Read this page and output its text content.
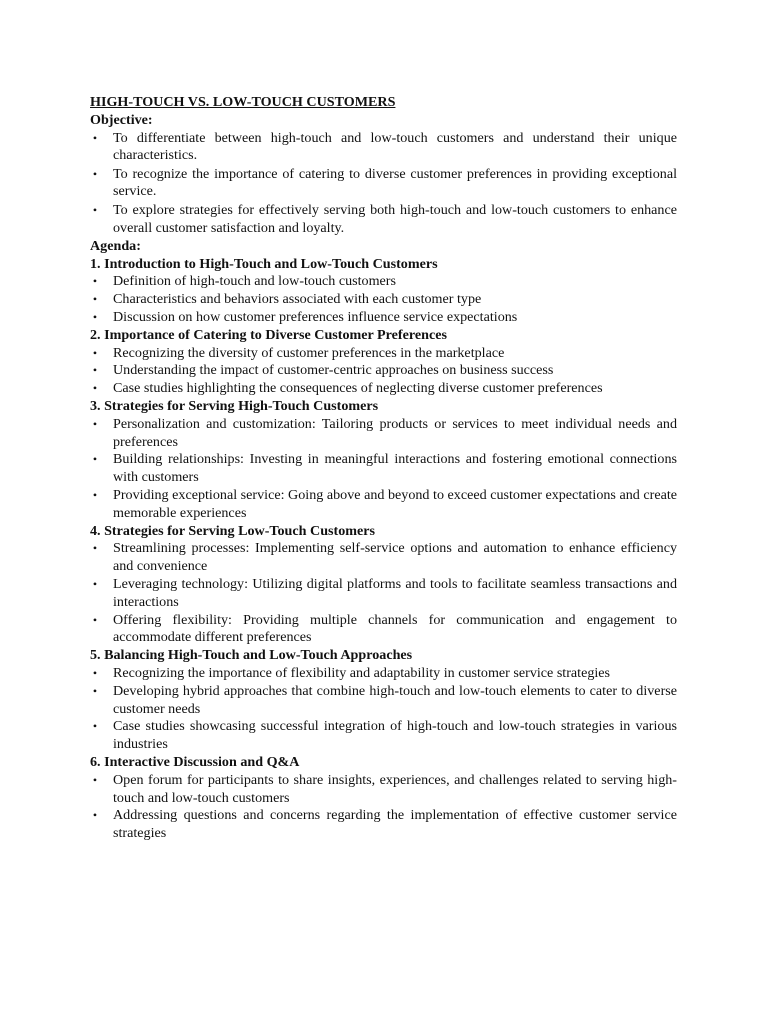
HIGH-TOUCH VS. LOW-TOUCH CUSTOMERS

Objective:

• To differentiate between high-touch and low-touch customers and understand their unique characteristics.
• To recognize the importance of catering to diverse customer preferences in providing exceptional service.
• To explore strategies for effectively serving both high-touch and low-touch customers to enhance overall customer satisfaction and loyalty.

Agenda:

1. Introduction to High-Touch and Low-Touch Customers

• Definition of high-touch and low-touch customers
• Characteristics and behaviors associated with each customer type
• Discussion on how customer preferences influence service expectations

2. Importance of Catering to Diverse Customer Preferences

• Recognizing the diversity of customer preferences in the marketplace
• Understanding the impact of customer-centric approaches on business success
• Case studies highlighting the consequences of neglecting diverse customer preferences

3. Strategies for Serving High-Touch Customers

• Personalization and customization: Tailoring products or services to meet individual needs and preferences
• Building relationships: Investing in meaningful interactions and fostering emotional connections with customers
• Providing exceptional service: Going above and beyond to exceed customer expectations and create memorable experiences

4. Strategies for Serving Low-Touch Customers

• Streamlining processes: Implementing self-service options and automation to enhance efficiency and convenience
• Leveraging technology: Utilizing digital platforms and tools to facilitate seamless transactions and interactions
• Offering flexibility: Providing multiple channels for communication and engagement to accommodate different preferences

5. Balancing High-Touch and Low-Touch Approaches

• Recognizing the importance of flexibility and adaptability in customer service strategies
• Developing hybrid approaches that combine high-touch and low-touch elements to cater to diverse customer needs
• Case studies showcasing successful integration of high-touch and low-touch strategies in various industries

6. Interactive Discussion and Q&A

• Open forum for participants to share insights, experiences, and challenges related to serving high-touch and low-touch customers
• Addressing questions and concerns regarding the implementation of effective customer service strategies
